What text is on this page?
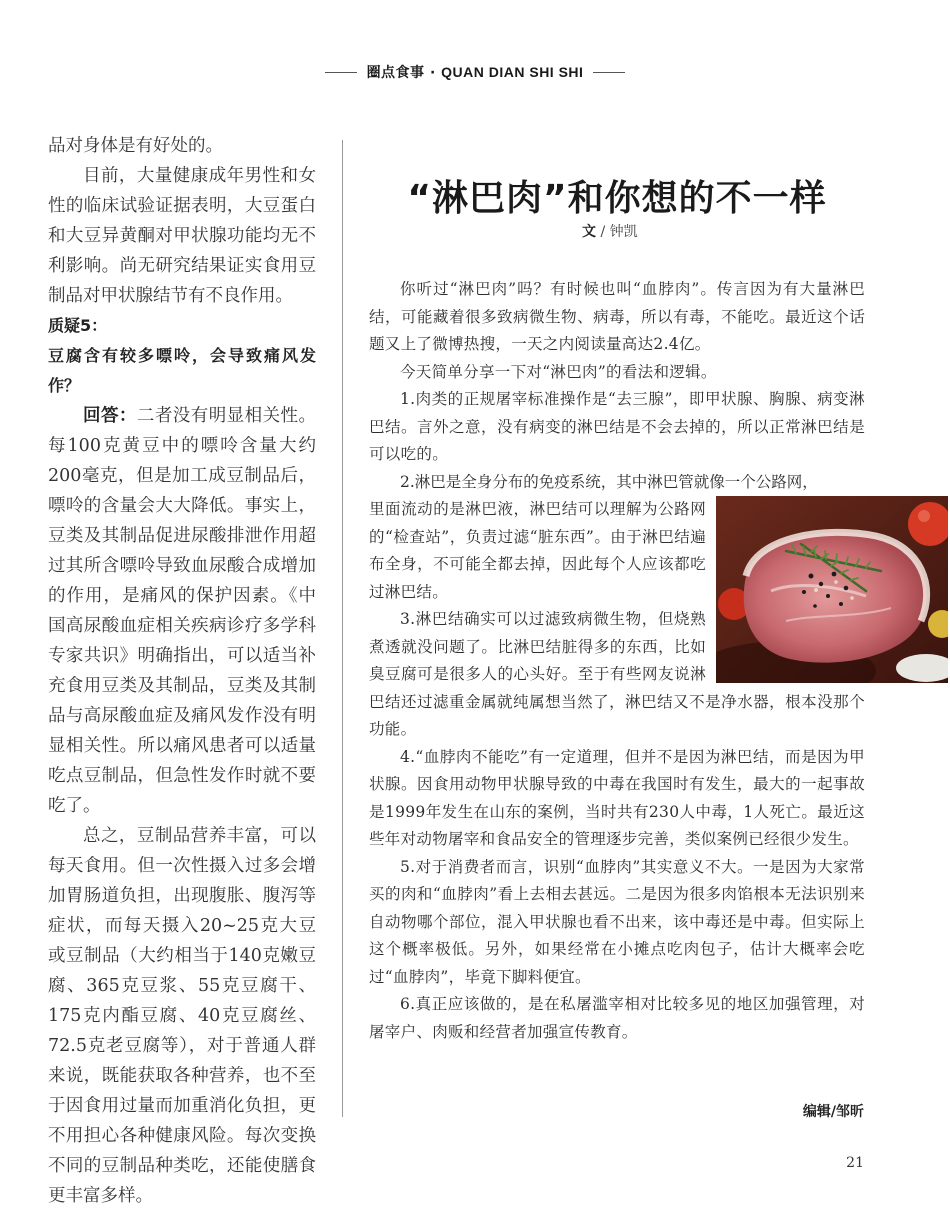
圈点食事 · QUAN DIAN SHI SHI

品对身体是有好处的。

目前，大量健康成年男性和女性的临床试验证据表明，大豆蛋白和大豆异黄酮对甲状腺功能均无不利影响。尚无研究结果证实食用豆制品对甲状腺结节有不良作用。

质疑5：

豆腐含有较多嘌呤，会导致痛风发作？

回答：二者没有明显相关性。每100克黄豆中的嘌呤含量大约200毫克，但是加工成豆制品后，嘌呤的含量会大大降低。事实上，豆类及其制品促进尿酸排泄作用超过其所含嘌呤导致血尿酸合成增加的作用，是痛风的保护因素。《中国高尿酸血症相关疾病诊疗多学科专家共识》明确指出，可以适当补充食用豆类及其制品，豆类及其制品与高尿酸血症及痛风发作没有明显相关性。所以痛风患者可以适量吃点豆制品，但急性发作时就不要吃了。

总之，豆制品营养丰富，可以每天食用。但一次性摄入过多会增加胃肠道负担，出现腹胀、腹泻等症状，而每天摄入20~25克大豆或豆制品（大约相当于140克嫩豆腐、365克豆浆、55克豆腐干、175克内酯豆腐、40克豆腐丝、72.5克老豆腐等），对于普通人群来说，既能获取各种营养，也不至于因食用过量而加重消化负担，更不用担心各种健康风险。每次变换不同的豆制品种类吃，还能使膳食更丰富多样。

“淋巴肉”和你想的不一样

文 / 钟凯

你听过“淋巴肉”吗？有时候也叫“血脖肉”。传言因为有大量淋巴结，可能藏着很多致病微生物、病毒，所以有毒，不能吃。最近这个话题又上了微博热搜，一天之内阅读量高达2.4亿。

今天简单分享一下对“淋巴肉”的看法和逻辑。

1.肉类的正规屠宰标准操作是“去三腺”，即甲状腺、胸腺、病变淋巴结。言外之意，没有病变的淋巴结是不会去掉的，所以正常淋巴结是可以吃的。

2.淋巴是全身分布的免疫系统，其中淋巴管就像一个公路网，

里面流动的是淋巴液，淋巴结可以理解为公路网的“检查站”，负责过滤“脏东西”。由于淋巴结遍布全身，不可能全都去掉，因此每个人应该都吃过淋巴结。

3.淋巴结确实可以过滤致病微生物，但烧熟煮透就没问题了。比淋巴结脏得多的东西，比如臭豆腐可是很多人的心头好。至于有些网友说淋巴结还过滤重金属就纯属想当然了，淋巴结又不是净水器，根本没那个功能。

4.“血脖肉不能吃”有一定道理，但并不是因为淋巴结，而是因为甲状腺。因食用动物甲状腺导致的中毒在我国时有发生，最大的一起事故是1999年发生在山东的案例，当时共有230人中毒，1人死亡。最近这些年对动物屠宰和食品安全的管理逐步完善，类似案例已经很少发生。

5.对于消费者而言，识别“血脖肉”其实意义不大。一是因为大家常买的肉和“血脖肉”看上去相去甚远。二是因为很多肉馅根本无法识别来自动物哪个部位，混入甲状腺也看不出来，该中毒还是中毒。但实际上这个概率极低。另外，如果经常在小摊点吃肉包子，估计大概率会吃过“血脖肉”，毕竟下脚料便宜。

6.真正应该做的，是在私屠滥宰相对比较多见的地区加强管理，对屠宰户、肉贩和经营者加强宣传教育。

编辑/邹昕
21
